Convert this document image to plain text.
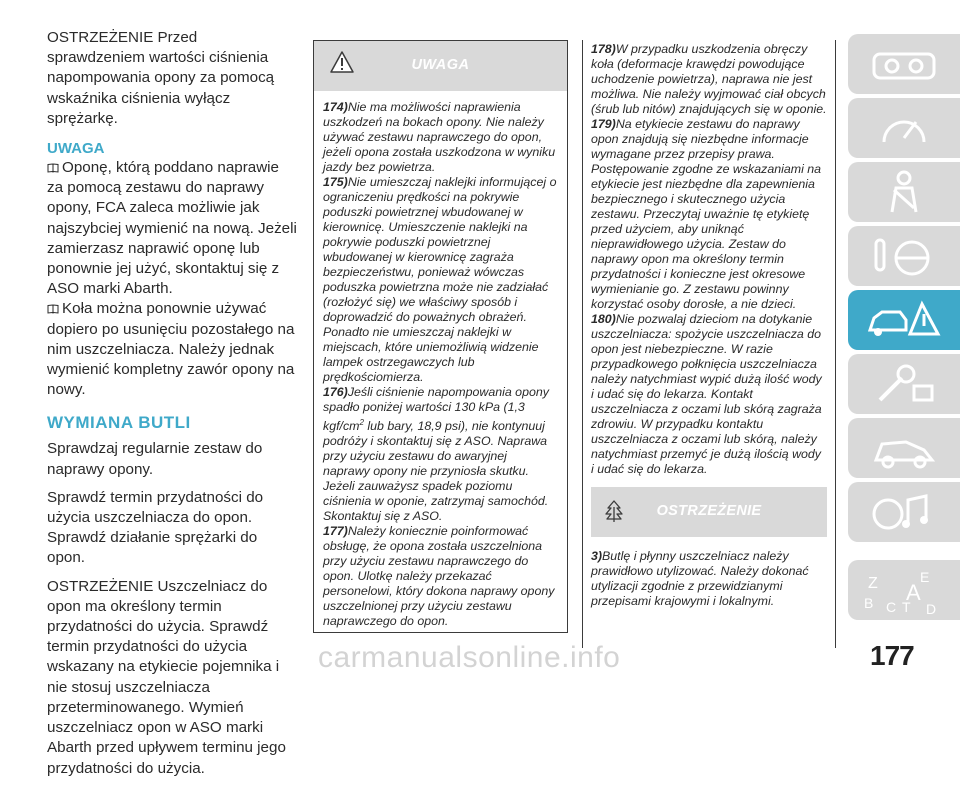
OSTRZEŻENIE Przed sprawdzeniem wartości ciśnienia napompowania opony za pomocą wskaźnika ciśnienia wyłącz sprężarkę.

UWAGA

Oponę, którą poddano naprawie za pomocą zestawu do naprawy opony, FCA zaleca możliwie jak najszybciej wymienić na nową. Jeżeli zamierzasz naprawić oponę lub ponownie jej użyć, skontaktuj się z ASO marki Abarth.

Koła można ponownie używać dopiero po usunięciu pozostałego na nim uszczelniacza. Należy jednak wymienić kompletny zawór opony na nowy.

WYMIANA BUTLI

Sprawdzaj regularnie zestaw do naprawy opony.

Sprawdź termin przydatności do użycia uszczelniacza do opon. Sprawdź działanie sprężarki do opon.

OSTRZEŻENIE Uszczelniacz do opon ma określony termin przydatności do użycia. Sprawdź termin przydatności do użycia wskazany na etykiecie pojemnika i nie stosuj uszczelniacza przeterminowanego. Wymień uszczelniacz opon w ASO marki Abarth przed upływem terminu jego przydatności do użycia.

UWAGA
174)Nie ma możliwości naprawienia uszkodzeń na bokach opony. Nie należy używać zestawu naprawczego do opon, jeżeli opona została uszkodzona w wyniku jazdy bez powietrza.
175)Nie umieszczaj naklejki informującej o ograniczeniu prędkości na pokrywie poduszki powietrznej wbudowanej w kierownicę. Umieszczenie naklejki na pokrywie poduszki powietrznej wbudowanej w kierownicę zagraża bezpieczeństwu, ponieważ wówczas poduszka powietrzna może nie zadziałać (rozłożyć się) we właściwy sposób i doprowadzić do poważnych obrażeń. Ponadto nie umieszczaj naklejki w miejscach, które uniemożliwią widzenie lampek ostrzegawczych lub prędkościomierza.
176)Jeśli ciśnienie napompowania opony spadło poniżej wartości 130 kPa (1,3 kgf/$cm^2$ lub bary, 18,9 psi), nie kontynuuj podróży i skontaktuj się z ASO. Naprawa przy użyciu zestawu do awaryjnej naprawy opony nie przyniosła skutku. Jeżeli zauważysz spadek poziomu ciśnienia w oponie, zatrzymaj samochód. Skontaktuj się z ASO.
177)Należy koniecznie poinformować obsługę, że opona została uszczelniona przy użyciu zestawu naprawczego do opon. Ulotkę należy przekazać personelowi, który dokona naprawy opony uszczelnionej przy użyciu zestawu naprawczego do opon.
178)W przypadku uszkodzenia obręczy koła (deformacje krawędzi powodujące uchodzenie powietrza), naprawa nie jest możliwa. Nie należy wyjmować ciał obcych (śrub lub nitów) znajdujących się w oponie.
179)Na etykiecie zestawu do naprawy opon znajdują się niezbędne informacje wymagane przez przepisy prawa. Postępowanie zgodne ze wskazaniami na etykiecie jest niezbędne dla zapewnienia bezpiecznego i skutecznego użycia zestawu. Przeczytaj uważnie tę etykietę przed użyciem, aby uniknąć nieprawidłowego użycia. Zestaw do naprawy opon ma określony termin przydatności i konieczne jest okresowe wymienianie go. Z zestawu powinny korzystać osoby dorosłe, a nie dzieci.
180)Nie pozwalaj dzieciom na dotykanie uszczelniacza: spożycie uszczelniacza do opon jest niebezpieczne. W razie przypadkowego połknięcia uszczelniacza należy natychmiast wypić dużą ilość wody i udać się do lekarza. Kontakt uszczelniacza z oczami lub skórą zagraża zdrowiu. W przypadku kontaktu uszczelniacza z oczami lub skórą, należy natychmiast przemyć je dużą ilością wody i udać się do lekarza.
OSTRZEŻENIE
3)Butlę i płynny uszczelniacz należy prawidłowo utylizować. Należy dokonać utylizacji zgodnie z przewidzianymi przepisami krajowymi i lokalnymi.
Z	E
B C T
A
D
carmanualsonline.info	177
